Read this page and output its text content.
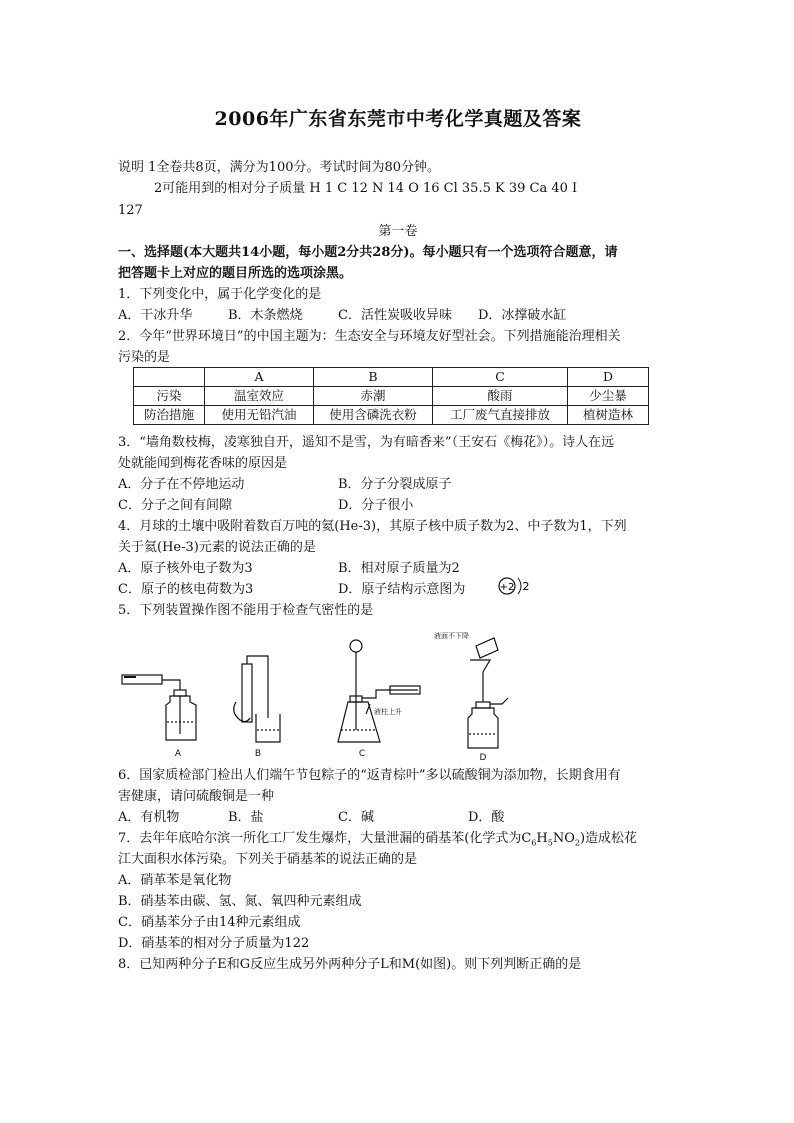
2006年广东省东莞市中考化学真题及答案
说明 1全卷共8页，满分为100分。考试时间为80分钟。
2可能用到的相对分子质量 H 1 C 12 N 14 O 16 Cl 35.5 K 39 Ca 40 I
127
第一卷
一、选择题(本大题共14小题，每小题2分共28分)。每小题只有一个选项符合题意，请
把答题卡上对应的题目所选的选项涂黑。
1．下列变化中，属于化学变化的是
A．干冰升华	B．木条燃烧	C．活性炭吸收异味 D．冰撑破水缸
2．今年“世界环境日”的中国主题为：生态安全与环境友好型社会。下列措施能治理相关
污染的是
	A	B	C	D
污染	温室效应	赤潮	酸雨	少尘暴
防治措施	使用无铅汽油	使用含磷洗衣粉	工厂废气直接排放	植树造林
3．“墙角数枝梅，凌寒独自开，遥知不是雪，为有暗香来”（王安石《梅花》）。诗人在远
处就能闻到梅花香味的原因是
A．分子在不停地运动	B．分子分裂成原子
C．分子之间有间隙	D．分子很小
4．月球的土壤中吸附着数百万吨的氦(He-3)，其原子核中质子数为2、中子数为1，下列
关于氦(He-3)元素的说法正确的是
A．原子核外电子数为3	B．相对原子质量为2
C．原子的核电荷数为3	D．原子结构示意图为	+2 2
5．下列装置操作图不能用于检查气密性的是
A	B	C	D
液柱上升
液面不下降
6．国家质检部门检出人们端午节包粽子的“返青棕叶”多以硫酸铜为添加物，长期食用有
害健康，请问硫酸铜是一种
A．有机物	B．盐	C．碱	D．酸
7．去年年底哈尔滨一所化工厂发生爆炸，大量泄漏的硝基苯(化学式为$C_6H_5NO_2$)造成松花
江大面积水体污染。下列关于硝基苯的说法正确的是
A．硝革苯是氧化物
B．硝基苯由碳、氢、氮、氧四种元素组成
C．硝基苯分子由14种元素组成
D．硝基苯的相对分子质量为122
8．已知两种分子E和G反应生成另外两种分子L和M(如图)。则下列判断正确的是
